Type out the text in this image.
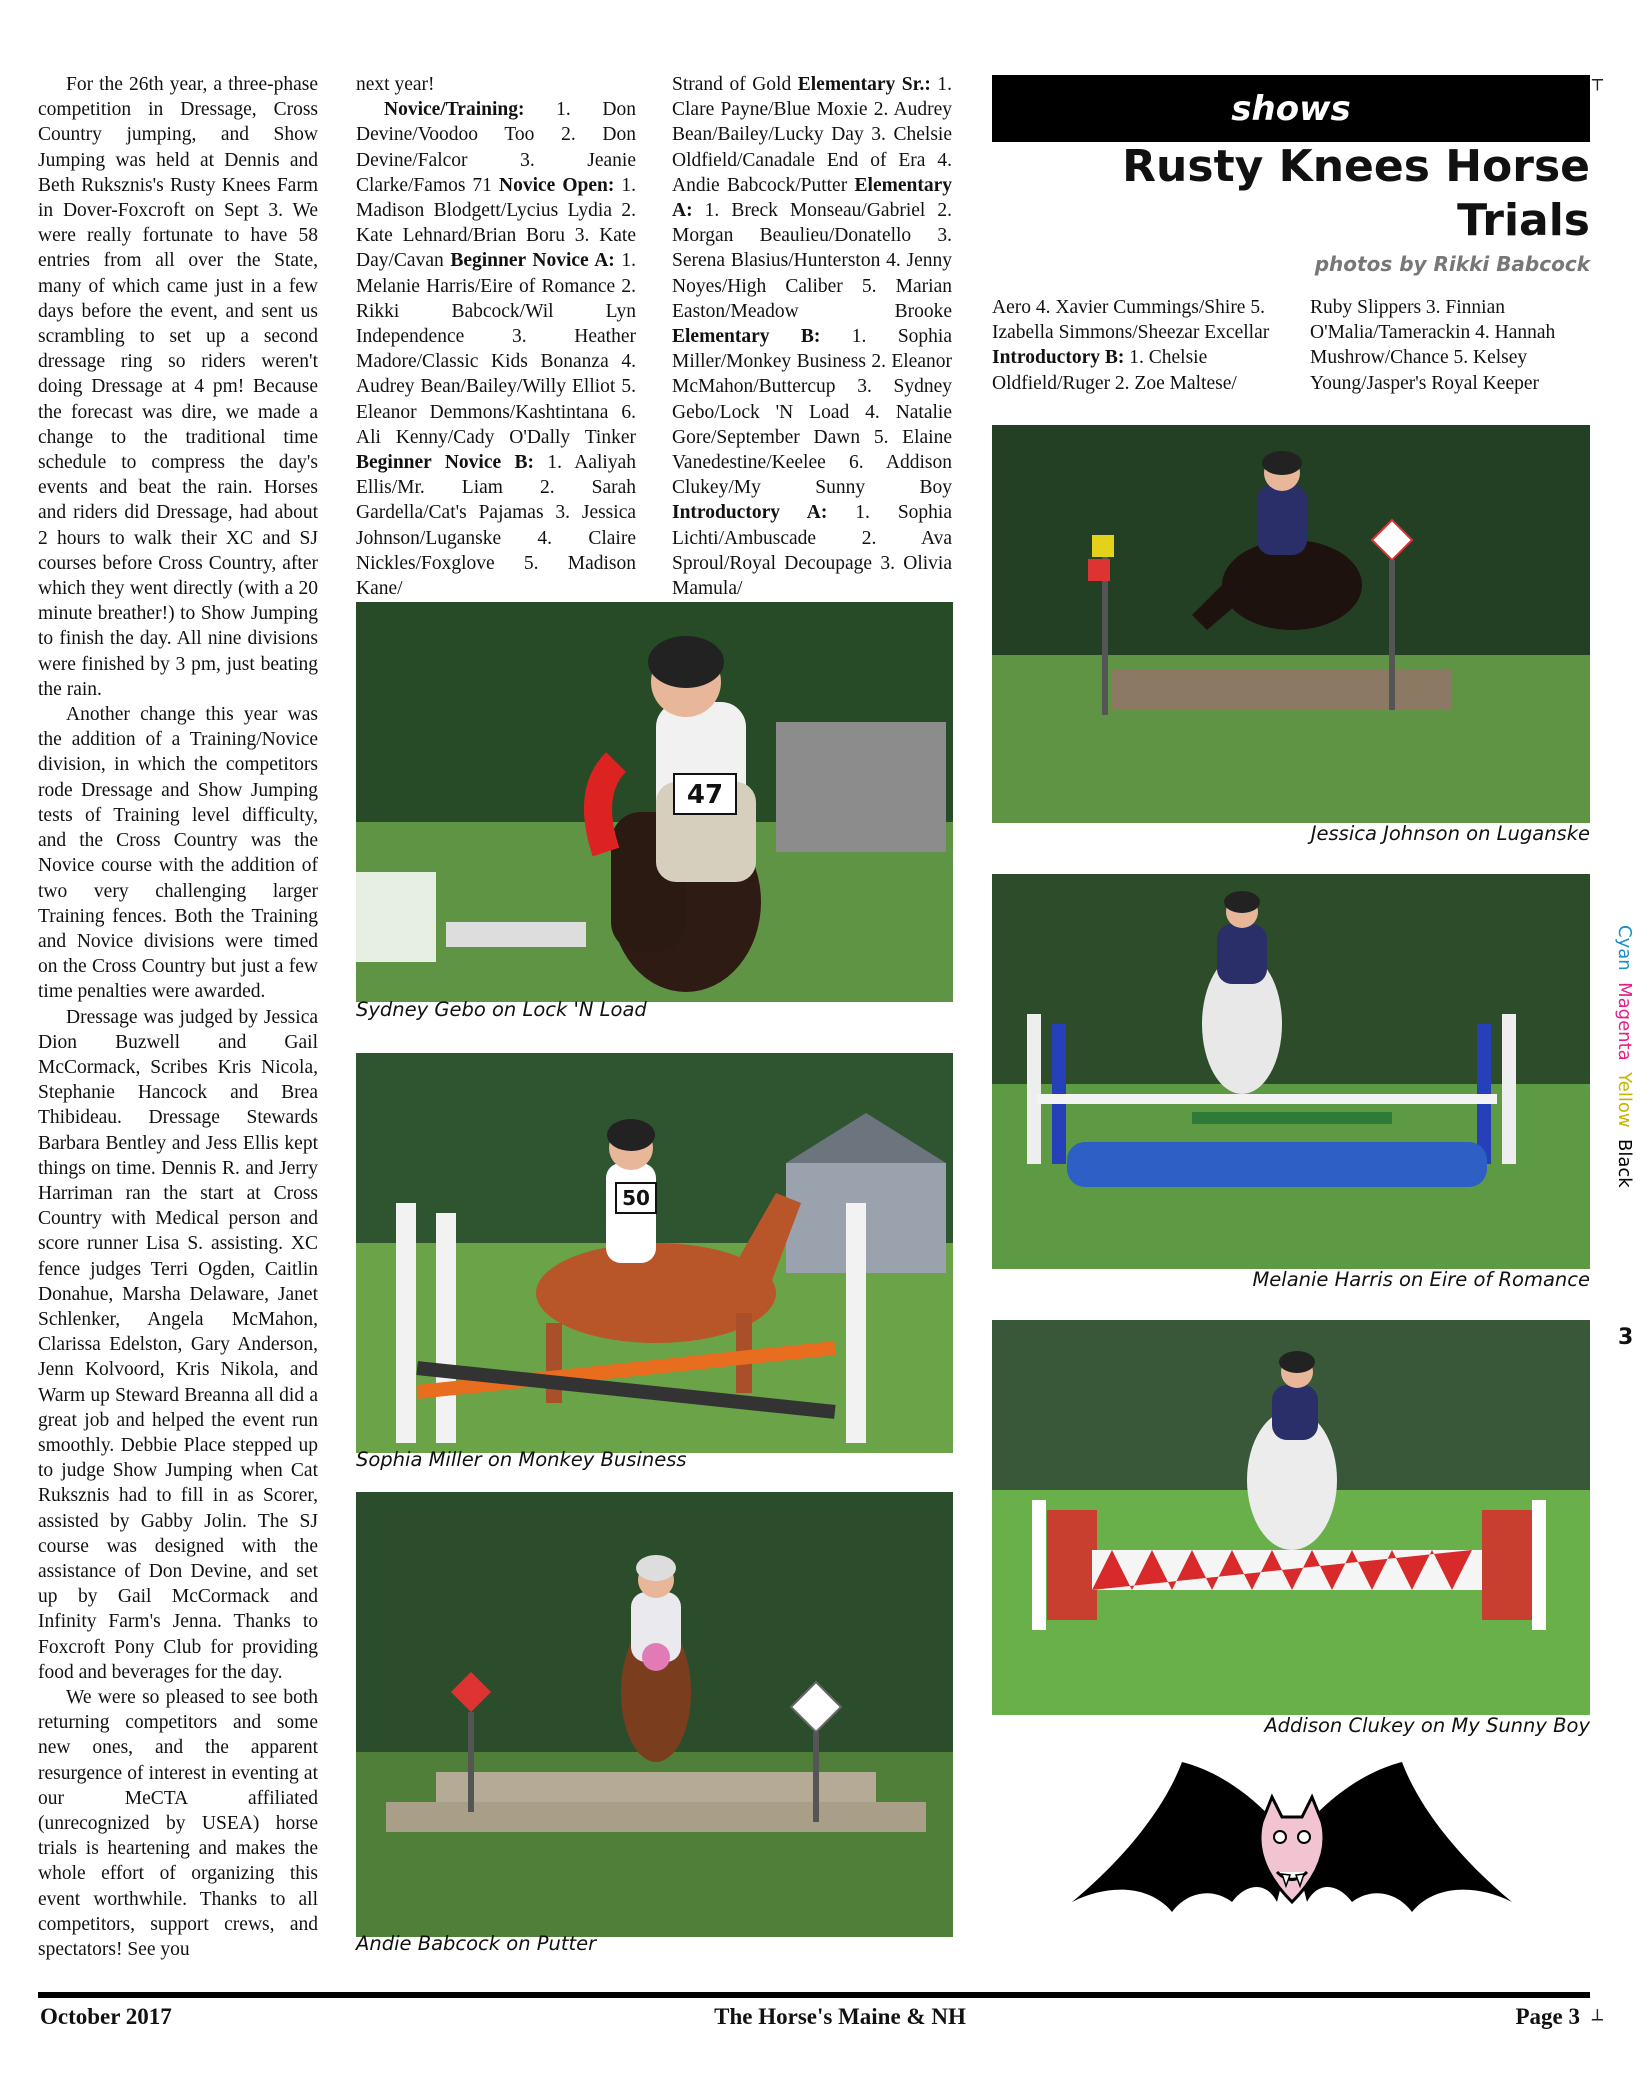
┬
┴

For the 26th year, a three-phase competition in Dressage, Cross Country jumping, and Show Jumping was held at Dennis and Beth Ruksznis's Rusty Knees Farm in Dover-Foxcroft on Sept 3. We were really fortunate to have 58 entries from all over the State, many of which came just in a few days before the event, and sent us scrambling to set up a second dressage ring so riders weren't doing Dressage at 4 pm! Because the forecast was dire, we made a change to the traditional time schedule to compress the day's events and beat the rain. Horses and riders did Dressage, had about 2 hours to walk their XC and SJ courses before Cross Country, after which they went directly (with a 20 minute breather!) to Show Jumping to finish the day. All nine divisions were finished by 3 pm, just beating the rain.

Another change this year was the addition of a Training/Novice division, in which the competitors rode Dressage and Show Jumping tests of Training level difficulty, and the Cross Country was the Novice course with the addition of two very challenging larger Training fences. Both the Training and Novice divisions were timed on the Cross Country but just a few time penalties were awarded.

Dressage was judged by Jessica Dion Buzwell and Gail McCormack, Scribes Kris Nicola, Stephanie Hancock and Brea Thibideau. Dressage Stewards Barbara Bentley and Jess Ellis kept things on time. Dennis R. and Jerry Harriman ran the start at Cross Country with Medical person and score runner Lisa S. assisting. XC fence judges Terri Ogden, Caitlin Donahue, Marsha Delaware, Janet Schlenker, Angela McMahon, Clarissa Edelston, Gary Anderson, Jenn Kolvoord, Kris Nikola, and Warm up Steward Breanna all did a great job and helped the event run smoothly. Debbie Place stepped up to judge Show Jumping when Cat Ruksznis had to fill in as Scorer, assisted by Gabby Jolin. The SJ course was designed with the assistance of Don Devine, and set up by Gail McCormack and Infinity Farm's Jenna. Thanks to Foxcroft Pony Club for providing food and beverages for the day.

We were so pleased to see both returning competitors and some new ones, and the apparent resurgence of interest in eventing at our MeCTA affiliated (unrecognized by USEA) horse trials is heartening and makes the whole effort of organizing this event worthwhile. Thanks to all competitors, support crews, and spectators! See you

next year!

Novice/Training: 1. Don Devine/Voodoo Too 2. Don Devine/Falcor 3. Jeanie Clarke/Famos 71 Novice Open: 1. Madison Blodgett/Lycius Lydia 2. Kate Lehnard/Brian Boru 3. Kate Day/Cavan Beginner Novice A: 1. Melanie Harris/Eire of Romance 2. Rikki Babcock/Wil Lyn Independence 3. Heather Madore/Classic Kids Bonanza 4. Audrey Bean/Bailey/Willy Elliot 5. Eleanor Demmons/Kashtintana 6. Ali Kenny/Cady O'Dally Tinker Beginner Novice B: 1. Aaliyah Ellis/Mr. Liam 2. Sarah Gardella/Cat's Pajamas 3. Jessica Johnson/Luganske 4. Claire Nickles/Foxglove 5. Madison Kane/

Strand of Gold Elementary Sr.: 1. Clare Payne/Blue Moxie 2. Audrey Bean/Bailey/Lucky Day 3. Chelsie Oldfield/Canadale End of Era 4. Andie Babcock/Putter Elementary A: 1. Breck Monseau/Gabriel 2. Morgan Beaulieu/Donatello 3. Serena Blasius/Hunterston 4. Jenny Noyes/High Caliber 5. Marian Easton/Meadow Brooke Elementary B: 1. Sophia Miller/Monkey Business 2. Eleanor McMahon/Buttercup 3. Sydney Gebo/Lock 'N Load 4. Natalie Gore/September Dawn 5. Elaine Vanedestine/Keelee 6. Addison Clukey/My Sunny Boy Introductory A: 1. Sophia Lichti/Ambuscade 2. Ava Sproul/Royal Decoupage 3. Olivia Mamula/

shows
Rusty Knees Horse Trials
photos by Rikki Babcock

Aero 4. Xavier Cummings/Shire 5. Izabella Simmons/Sheezar Excellar Introductory B: 1. Chelsie Oldfield/Ruger 2. Zoe Maltese/

Ruby Slippers 3. Finnian O'Malia/Tamerackin 4. Hannah Mushrow/Chance 5. Kelsey Young/Jasper's Royal Keeper

47
Sydney Gebo on Lock 'N Load
50
Sophia Miller on Monkey Business
Andie Babcock on Putter
Jessica Johnson on Luganske
Melanie Harris on Eire of Romance
Addison Clukey on My Sunny Boy
Cyan  Magenta  Yellow  Black
3
October 2017	The Horse's Maine & NH	Page 3
